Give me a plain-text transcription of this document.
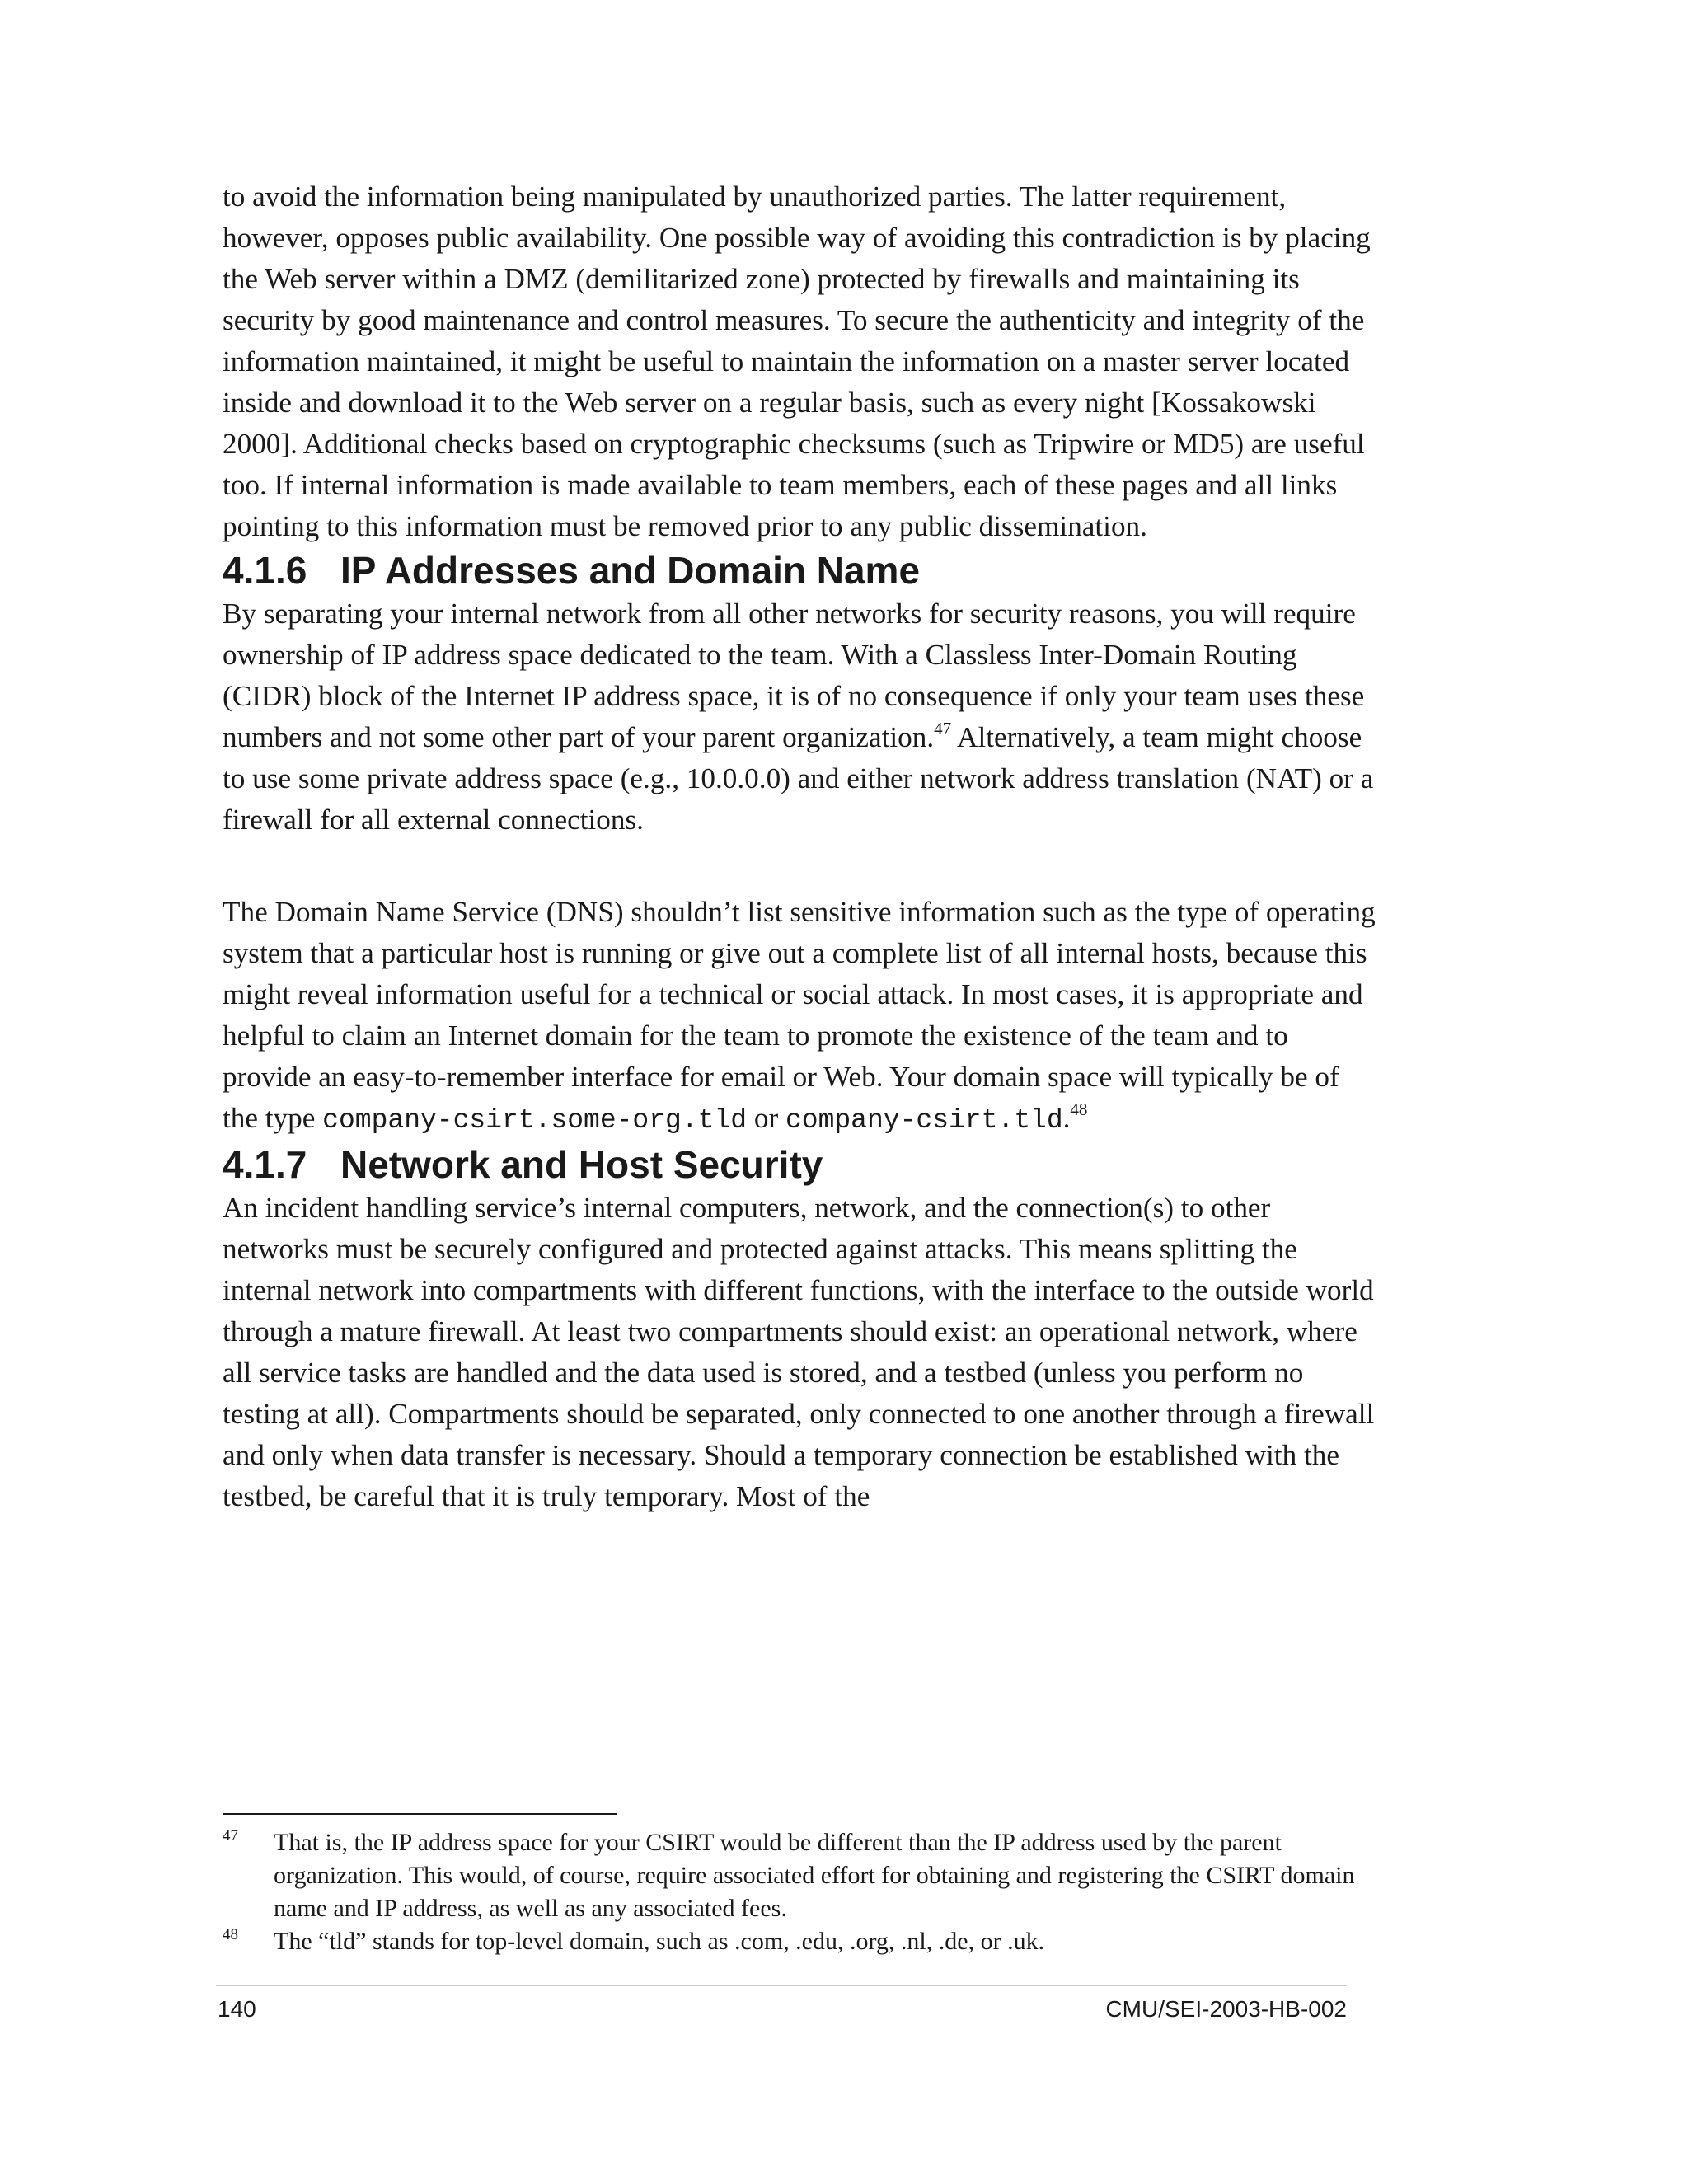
to avoid the information being manipulated by unauthorized parties. The latter requirement, however, opposes public availability. One possible way of avoiding this contradiction is by placing the Web server within a DMZ (demilitarized zone) protected by firewalls and maintaining its security by good maintenance and control measures. To secure the authenticity and integrity of the information maintained, it might be useful to maintain the information on a master server located inside and download it to the Web server on a regular basis, such as every night [Kossakowski 2000]. Additional checks based on cryptographic checksums (such as Tripwire or MD5) are useful too. If internal information is made available to team members, each of these pages and all links pointing to this information must be removed prior to any public dissemination.

4.1.6 IP Addresses and Domain Name

By separating your internal network from all other networks for security reasons, you will require ownership of IP address space dedicated to the team. With a Classless Inter-Domain Routing (CIDR) block of the Internet IP address space, it is of no consequence if only your team uses these numbers and not some other part of your parent organization.$^{47}$ Alternatively, a team might choose to use some private address space (e.g., 10.0.0.0) and either network address translation (NAT) or a firewall for all external connections.

The Domain Name Service (DNS) shouldn’t list sensitive information such as the type of operating system that a particular host is running or give out a complete list of all internal hosts, because this might reveal information useful for a technical or social attack. In most cases, it is appropriate and helpful to claim an Internet domain for the team to promote the existence of the team and to provide an easy-to-remember interface for email or Web. Your domain space will typically be of the type company-csirt.some-org.tld or company-csirt.tld.$^{48}$

4.1.7 Network and Host Security

An incident handling service’s internal computers, network, and the connection(s) to other networks must be securely configured and protected against attacks. This means splitting the internal network into compartments with different functions, with the interface to the outside world through a mature firewall. At least two compartments should exist: an operational network, where all service tasks are handled and the data used is stored, and a testbed (unless you perform no testing at all). Compartments should be separated, only connected to one another through a firewall and only when data transfer is necessary. Should a temporary connection be established with the testbed, be careful that it is truly temporary. Most of the

47 That is, the IP address space for your CSIRT would be different than the IP address used by the parent organization. This would, of course, require associated effort for obtaining and registering the CSIRT domain name and IP address, as well as any associated fees.
48 The “tld” stands for top-level domain, such as .com, .edu, .org, .nl, .de, or .uk.
140	CMU/SEI-2003-HB-002
